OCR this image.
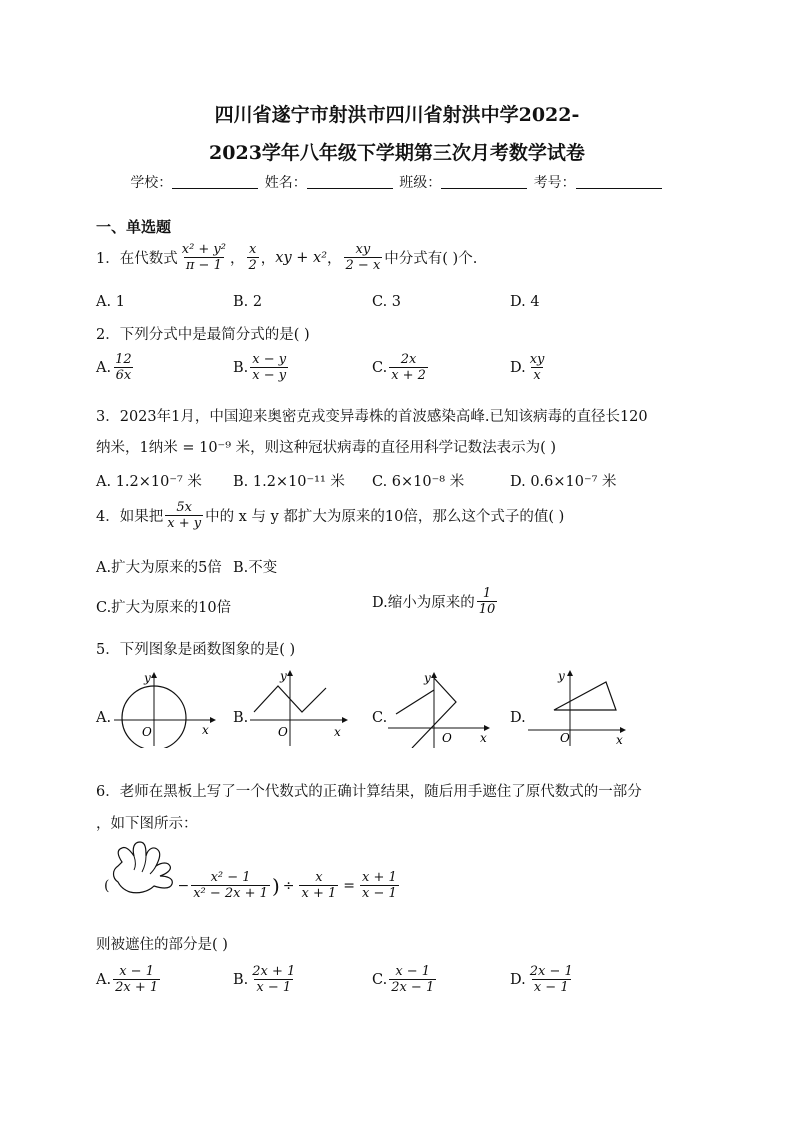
四川省遂宁市射洪市四川省射洪中学2022-
2023学年八年级下学期第三次月考数学试卷
学校：	姓名：	班级：	考号：
一、单选题
1． 在代数式 $\frac{\text{x² + y²}}{\pi - 1}$ ， $\frac{x}{2}$ ， xy + x² ， $\frac{xy}{2 - x}$ 中分式有( )个.
A. 1	B. 2	C. 3	D. 4
2．下列分式中是最简分式的是( )
A. $\frac{12}{6x}$	B. $\frac{x - y}{x - y}$	C. $\frac{2x}{x + 2}$	D. $\frac{xy}{x}$
3．2023年1月，中国迎来奥密克戎变异毒株的首波感染高峰.已知该病毒的直径长120
纳米，1纳米 = 10⁻⁹ 米，则这种冠状病毒的直径用科学记数法表示为( )
A. 1.2×10⁻⁷ 米 B. 1.2×10⁻¹¹ 米 C. 6×10⁻⁸ 米	D. 0.6×10⁻⁷ 米
4．如果把 $\frac{5x}{x + y}$ 中的 x 与 y 都扩大为原来的10倍，那么这个式子的值( )
A.扩大为原来的5倍 B.不变
C.扩大为原来的10倍	D.缩小为原来的 $\frac{1}{10}$
5．下列图象是函数图象的是( )
A.
y
x
O
B.
y
x
O
C.
y
x
O
D.
y
x
O
6．老师在黑板上写了一个代数式的正确计算结果，随后用手遮住了原代数式的一部分
，如下图所示：
(	− $\frac{\text{x² − 1}}{\text{x² − 2x + 1}}$ ) ÷ $\frac{x}{x + 1} = \frac{x + 1}{x - 1}$
则被遮住的部分是( )
A. $\frac{x - 1}{2x + 1}$	B. $\frac{2x + 1}{x - 1}$	C. $\frac{x - 1}{2x - 1}$	D. $\frac{2x - 1}{x - 1}$
